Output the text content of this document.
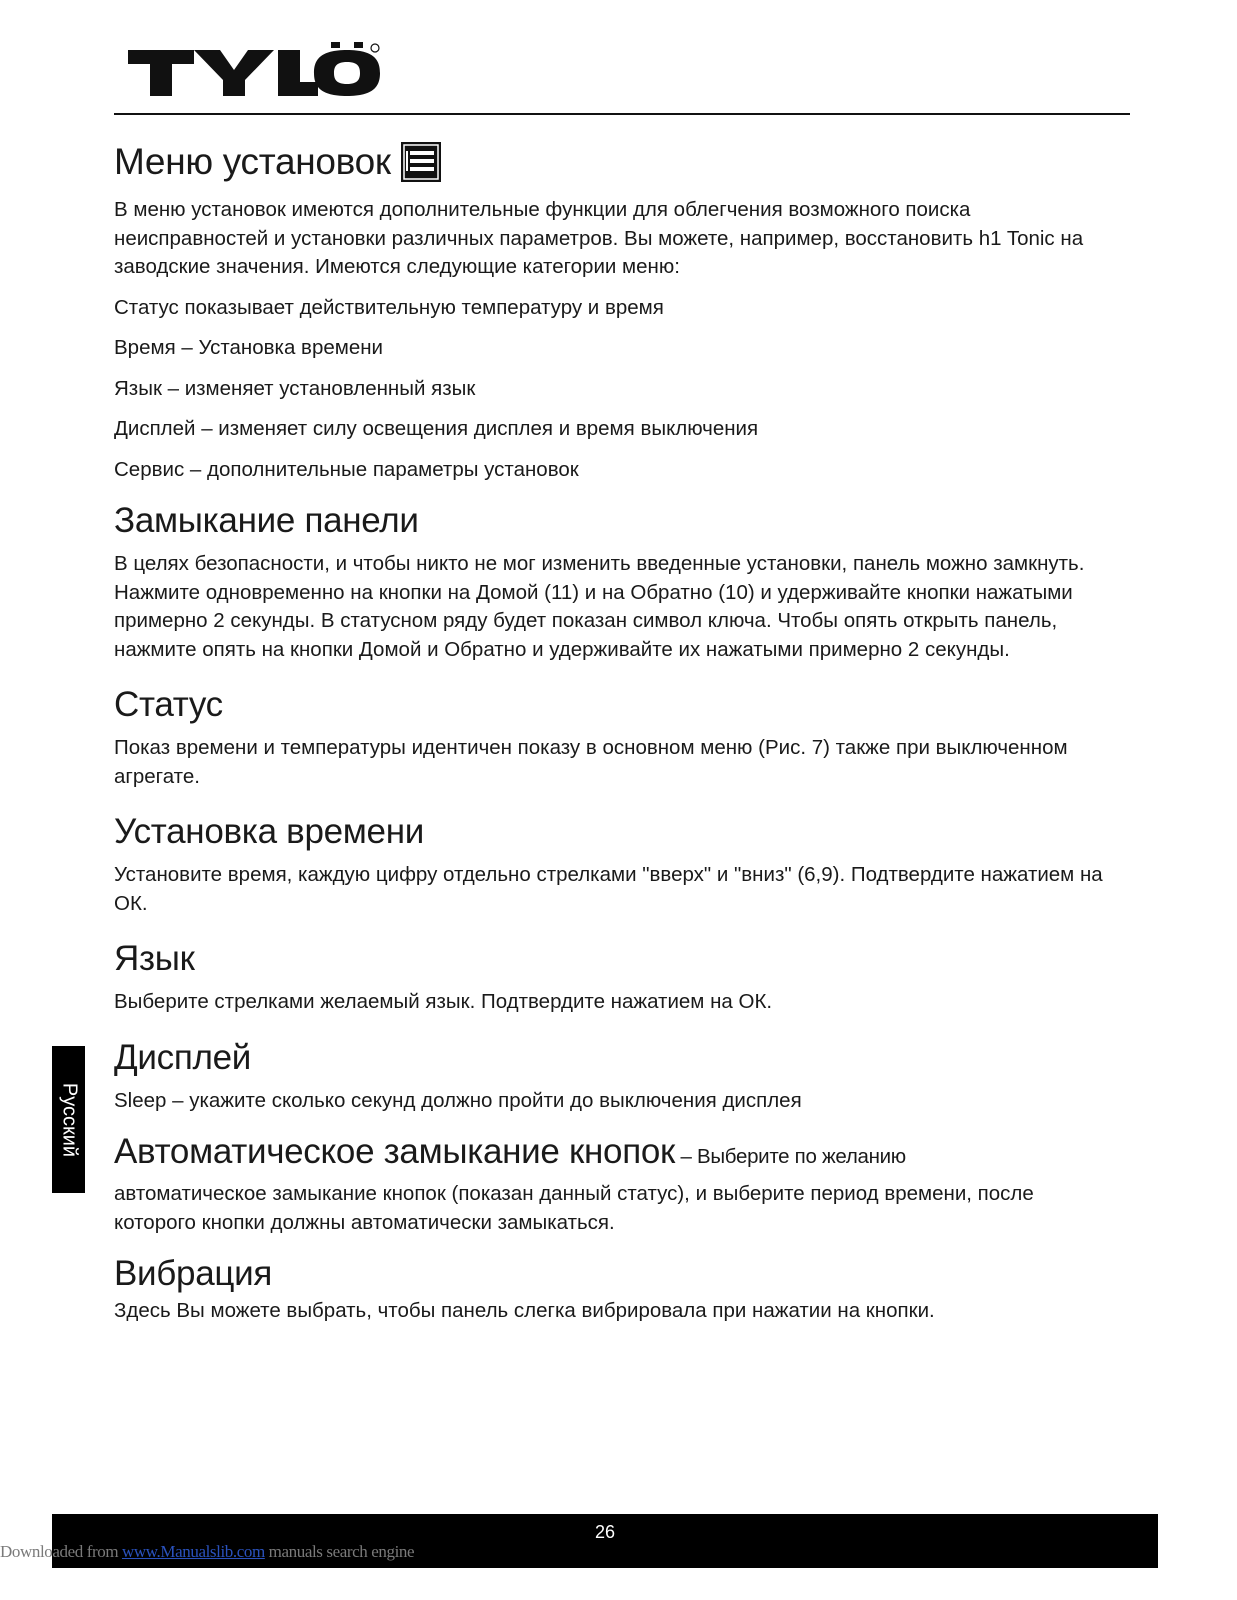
Меню установок

В меню установок имеются дополнительные функции для облегчения возможного поиска неисправностей и установки различных параметров. Вы можете, например, восстановить h1 Tonic на заводские значения. Имеются следующие категории меню:

Статус показывает действительную температуру и время

Время – Установка времени

Язык – изменяет установленный язык

Дисплей – изменяет силу освещения дисплея и время выключения

Сервис – дополнительные параметры установок

Замыкание панели

В целях безопасности, и чтобы никто не мог изменить введенные установки, панель можно замкнуть. Нажмите одновременно на кнопки на Домой (11) и на Обратно (10) и удерживайте кнопки нажатыми примерно 2 секунды. В статусном ряду будет показан символ ключа. Чтобы опять открыть панель, нажмите опять на кнопки Домой и Обратно и удерживайте их нажатыми примерно 2 секунды.

Статус

Показ времени и температуры идентичен показу в основном меню (Рис. 7) также при выключенном агрегате.

Установка времени

Установите время, каждую цифру отдельно стрелками "вверх" и "вниз" (6,9). Подтвердите нажатием на ОК.

Язык

Выберите стрелками желаемый язык. Подтвердите нажатием на ОК.

Дисплей

Sleep – укажите сколько секунд должно пройти до выключения дисплея

Автоматическое замыкание кнопок – Выберите по желанию

автоматическое замыкание кнопок (показан данный статус), и выберите период времени, после которого кнопки должны автоматически замыкаться.

Вибрация

Здесь Вы можете выбрать, чтобы панель слегка вибрировала при нажатии на кнопки.

Русский
26
Downloaded from www.Manualslib.com manuals search engine
